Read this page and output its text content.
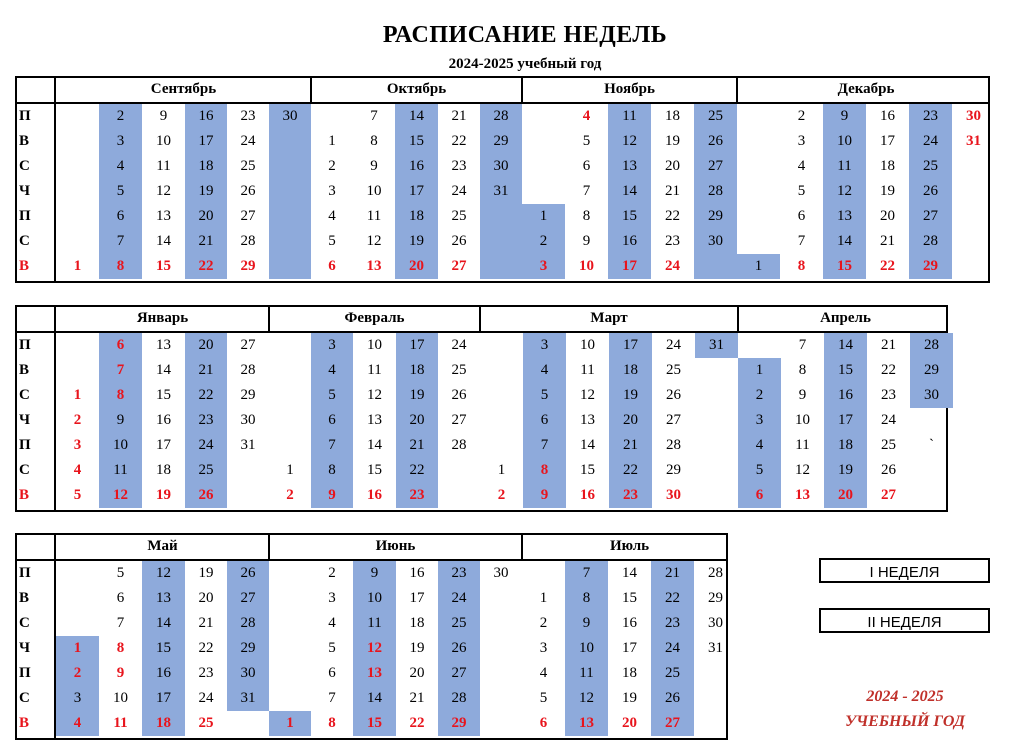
РАСПИСАНИЕ НЕДЕЛЬ
2024-2025 учебный год
П
В
С
Ч
П
С
В
Сентябрь
1
2
3
4
5
6
7
8
9
10
11
12
13
14
15
16
17
18
19
20
21
22
23
24
25
26
27
28
29
30
Октябрь
1
2
3
4
5
6
7
8
9
10
11
12
13
14
15
16
17
18
19
20
21
22
23
24
25
26
27
28
29
30
31
Ноябрь
1
2
3
4
5
6
7
8
9
10
11
12
13
14
15
16
17
18
19
20
21
22
23
24
25
26
27
28
29
30
Декабрь
1
2
3
4
5
6
7
8
9
10
11
12
13
14
15
16
17
18
19
20
21
22
23
24
25
26
27
28
29
30
31
П
В
С
Ч
П
С
В
Январь
1
2
3
4
5
6
7
8
9
10
11
12
13
14
15
16
17
18
19
20
21
22
23
24
25
26
27
28
29
30
31
Февраль
1
2
3
4
5
6
7
8
9
10
11
12
13
14
15
16
17
18
19
20
21
22
23
24
25
26
27
28
Март
1
2
3
4
5
6
7
8
9
10
11
12
13
14
15
16
17
18
19
20
21
22
23
24
25
26
27
28
29
30
31
Апрель
1
2
3
4
5
6
7
8
9
10
11
12
13
14
15
16
17
18
19
20
21
22
23
24
25
26
27
28
29
30
`
П
В
С
Ч
П
С
В
Май
1
2
3
4
5
6
7
8
9
10
11
12
13
14
15
16
17
18
19
20
21
22
23
24
25
26
27
28
29
30
31
Июнь
1
2
3
4
5
6
7
8
9
10
11
12
13
14
15
16
17
18
19
20
21
22
23
24
25
26
27
28
29
30
Июль
1
2
3
4
5
6
7
8
9
10
11
12
13
14
15
16
17
18
19
20
21
22
23
24
25
26
27
28
29
30
31
I НЕДЕЛЯ
II НЕДЕЛЯ
2024 - 2025
УЧЕБНЫЙ ГОД
